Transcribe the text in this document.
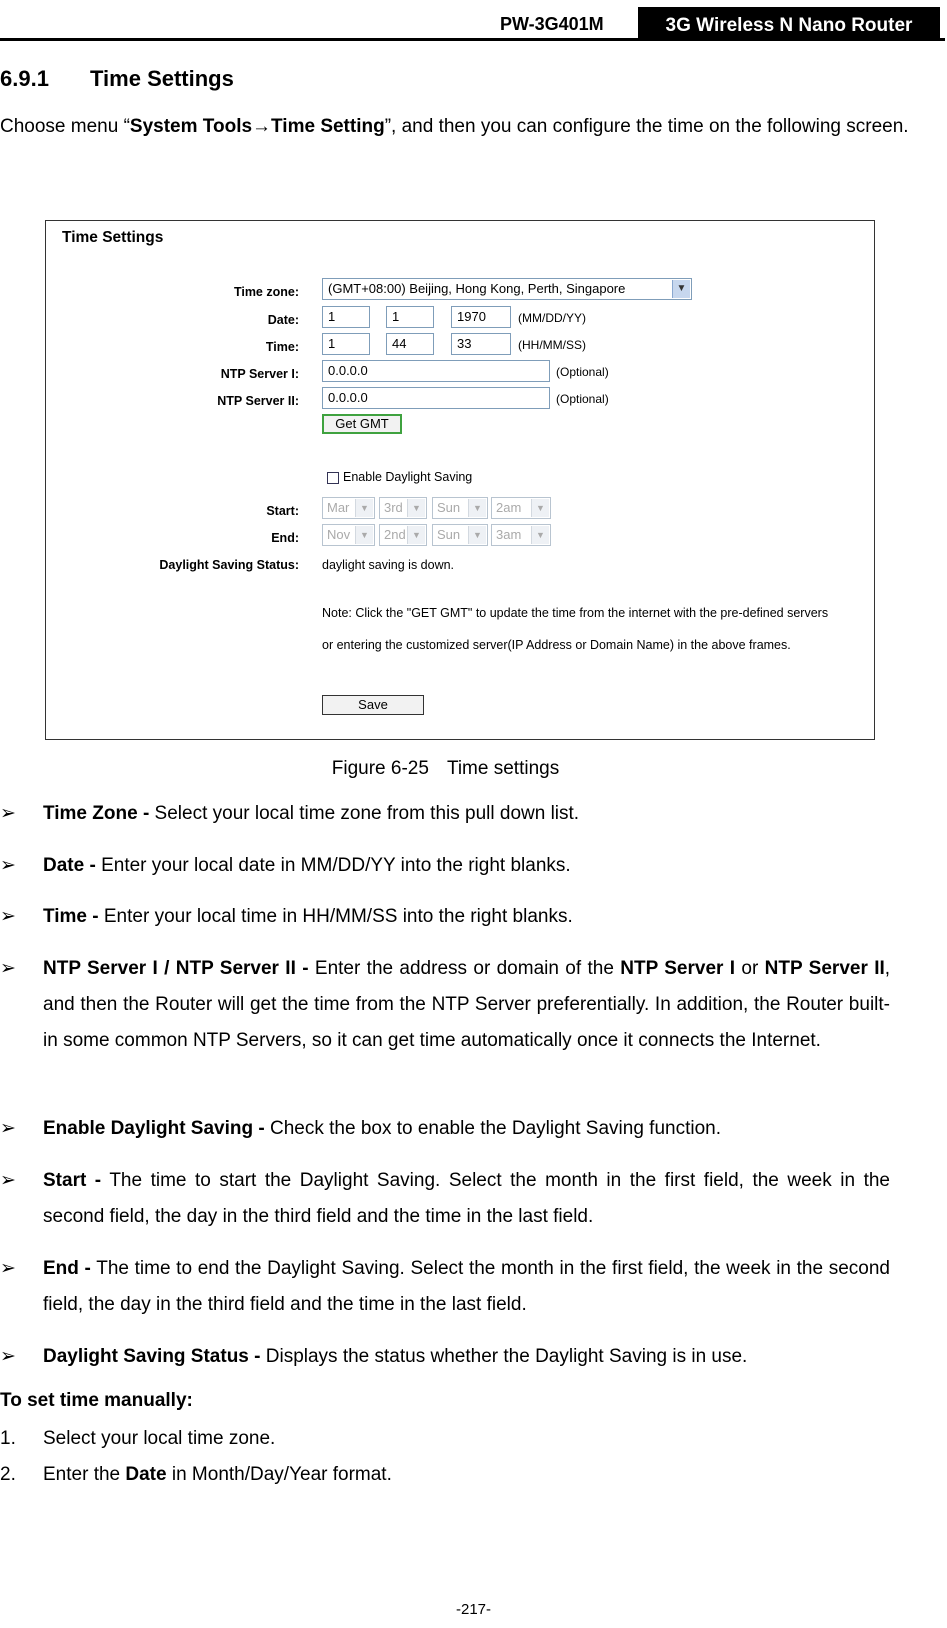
PW-3G401M	3G Wireless N Nano Router
6.9.1 Time Settings
Choose menu “System Tools→Time Setting”, and then you can configure the time on the following screen.
Time Settings
Time zone:	(GMT+08:00) Beijing, Hong Kong, Perth, Singapore	▼
Date:	1	1	1970	(MM/DD/YY)
Time:	1	44	33	(HH/MM/SS)
NTP Server I:	0.0.0.0	(Optional)
NTP Server II:	0.0.0.0	(Optional)
Get GMT
Enable Daylight Saving
Start:	Mar	▼	3rd	▼	Sun	▼	2am	▼
End:	Nov	▼	2nd ▼	Sun	▼	3am	▼
Daylight Saving Status: daylight saving is down.
Note: Click the "GET GMT" to update the time from the internet with the pre-defined servers
or entering the customized server(IP Address or Domain Name) in the above frames.
Save
Figure 6-25 Time settings
➢ Time Zone - Select your local time zone from this pull down list.
➢ Date - Enter your local date in MM/DD/YY into the right blanks.
➢ Time - Enter your local time in HH/MM/SS into the right blanks.
➢ NTP Server I / NTP Server II - Enter the address or domain of the NTP Server I or NTP Server II, and then the Router will get the time from the NTP Server preferentially. In addition, the Router built-in some common NTP Servers, so it can get time automatically once it connects the Internet.
➢ Enable Daylight Saving - Check the box to enable the Daylight Saving function.
➢ Start - The time to start the Daylight Saving. Select the month in the first field, the week in the second field, the day in the third field and the time in the last field.
➢ End - The time to end the Daylight Saving. Select the month in the first field, the week in the second field, the day in the third field and the time in the last field.
➢ Daylight Saving Status - Displays the status whether the Daylight Saving is in use.
To set time manually:
1. Select your local time zone.
2. Enter the Date in Month/Day/Year format.
-217-
